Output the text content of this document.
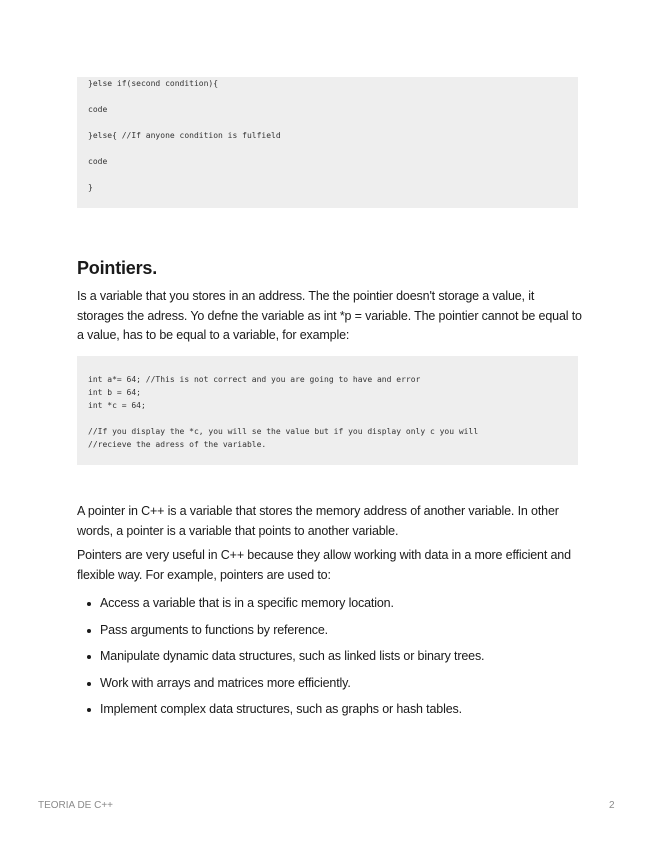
}else if(second condition){
code
}else{ //If anyone condition is fulfield
code
}
Pointiers.

Is a variable that you stores in an address. The the pointier doesn't storage a value, it storages the adress. Yo defne the variable as int *p = variable. The pointier cannot be equal to a value, has to be equal to a variable, for example:

int a*= 64; //This is not correct and you are going to have and error
int b = 64;
int *c = 64;
//If you display the *c, you will se the value but if you display only c you will
//recieve the adress of the variable.

A pointer in C++ is a variable that stores the memory address of another variable. In other words, a pointer is a variable that points to another variable.

Pointers are very useful in C++ because they allow working with data in a more efficient and flexible way. For example, pointers are used to:

Access a variable that is in a specific memory location.
Pass arguments to functions by reference.
Manipulate dynamic data structures, such as linked lists or binary trees.
Work with arrays and matrices more efficiently.
Implement complex data structures, such as graphs or hash tables.
TEORIA DE C++	2
